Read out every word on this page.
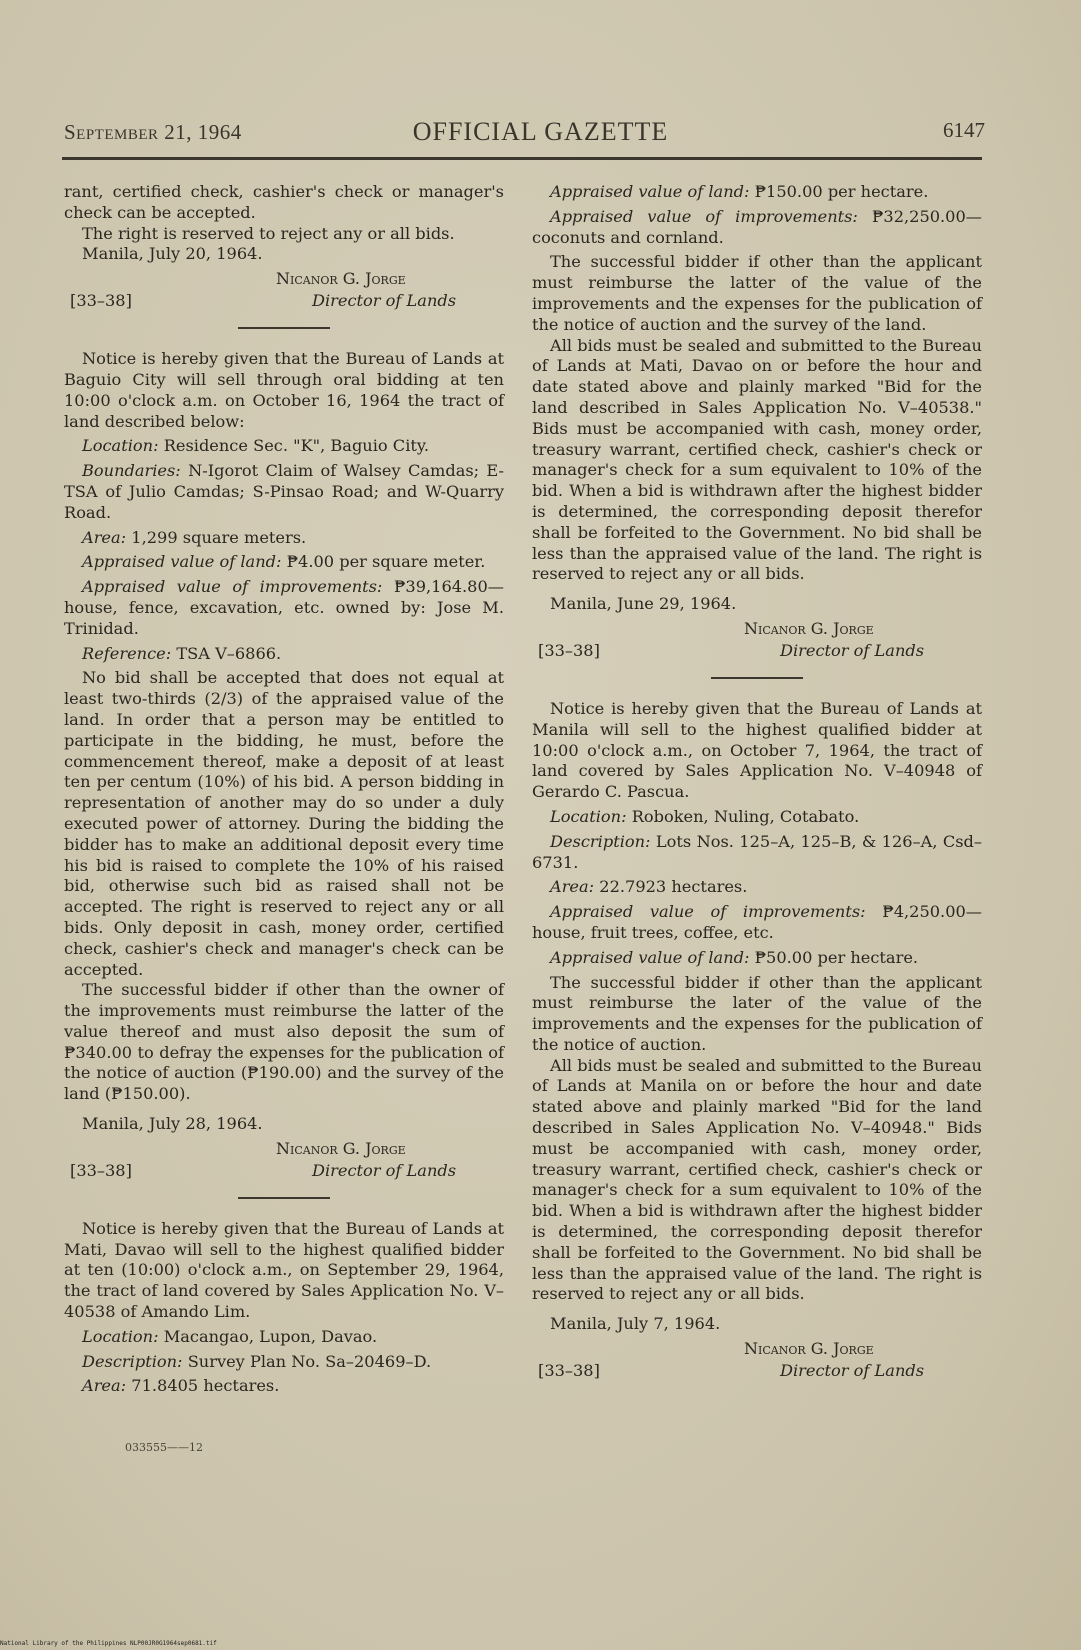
September 21, 1964	OFFICIAL GAZETTE	6147

rant, certified check, cashier's check or manager's check can be accepted.

The right is reserved to reject any or all bids.

Manila, July 20, 1964.

Nicanor G. Jorge
[33–38]	Director of Lands

Notice is hereby given that the Bureau of Lands at Baguio City will sell through oral bidding at ten 10:00 o'clock a.m. on October 16, 1964 the tract of land described below:

Location: Residence Sec. "K", Baguio City.

Boundaries: N-Igorot Claim of Walsey Camdas; E-TSA of Julio Camdas; S-Pinsao Road; and W-Quarry Road.

Area: 1,299 square meters.

Appraised value of land: ₱4.00 per square meter.

Appraised value of improvements: ₱39,164.80—house, fence, excavation, etc. owned by: Jose M. Trinidad.

Reference: TSA V–6866.

No bid shall be accepted that does not equal at least two-thirds (2/3) of the appraised value of the land. In order that a person may be entitled to participate in the bidding, he must, before the commencement thereof, make a deposit of at least ten per centum (10%) of his bid. A person bidding in representation of another may do so under a duly executed power of attorney. During the bidding the bidder has to make an additional deposit every time his bid is raised to complete the 10% of his raised bid, otherwise such bid as raised shall not be accepted. The right is reserved to reject any or all bids. Only deposit in cash, money order, certified check, cashier's check and manager's check can be accepted.

The successful bidder if other than the owner of the improvements must reimburse the latter of the value thereof and must also deposit the sum of ₱340.00 to defray the expenses for the publication of the notice of auction (₱190.00) and the survey of the land (₱150.00).

Manila, July 28, 1964.

Nicanor G. Jorge
[33–38]	Director of Lands

Notice is hereby given that the Bureau of Lands at Mati, Davao will sell to the highest qualified bidder at ten (10:00) o'clock a.m., on September 29, 1964, the tract of land covered by Sales Application No. V–40538 of Amando Lim.

Location: Macangao, Lupon, Davao.

Description: Survey Plan No. Sa–20469–D.

Area: 71.8405 hectares.

033555——12

Appraised value of land: ₱150.00 per hectare.

Appraised value of improvements: ₱32,250.00—coconuts and cornland.

The successful bidder if other than the applicant must reimburse the latter of the value of the improvements and the expenses for the publication of the notice of auction and the survey of the land.

All bids must be sealed and submitted to the Bureau of Lands at Mati, Davao on or before the hour and date stated above and plainly marked "Bid for the land described in Sales Application No. V–40538." Bids must be accompanied with cash, money order, treasury warrant, certified check, cashier's check or manager's check for a sum equivalent to 10% of the bid. When a bid is withdrawn after the highest bidder is determined, the corresponding deposit therefor shall be forfeited to the Government. No bid shall be less than the appraised value of the land. The right is reserved to reject any or all bids.

Manila, June 29, 1964.

Nicanor G. Jorge
[33–38]	Director of Lands

Notice is hereby given that the Bureau of Lands at Manila will sell to the highest qualified bidder at 10:00 o'clock a.m., on October 7, 1964, the tract of land covered by Sales Application No. V–40948 of Gerardo C. Pascua.

Location: Roboken, Nuling, Cotabato.

Description: Lots Nos. 125–A, 125–B, & 126–A, Csd–6731.

Area: 22.7923 hectares.

Appraised value of improvements: ₱4,250.00—house, fruit trees, coffee, etc.

Appraised value of land: ₱50.00 per hectare.

The successful bidder if other than the applicant must reimburse the later of the value of the improvements and the expenses for the publication of the notice of auction.

All bids must be sealed and submitted to the Bureau of Lands at Manila on or before the hour and date stated above and plainly marked "Bid for the land described in Sales Application No. V–40948." Bids must be accompanied with cash, money order, treasury warrant, certified check, cashier's check or manager's check for a sum equivalent to 10% of the bid. When a bid is withdrawn after the highest bidder is determined, the corresponding deposit therefor shall be forfeited to the Government. No bid shall be less than the appraised value of the land. The right is reserved to reject any or all bids.

Manila, July 7, 1964.

Nicanor G. Jorge
[33–38]	Director of Lands
National Library of the Philippines NLP00JR0G1964sep0681.tif
